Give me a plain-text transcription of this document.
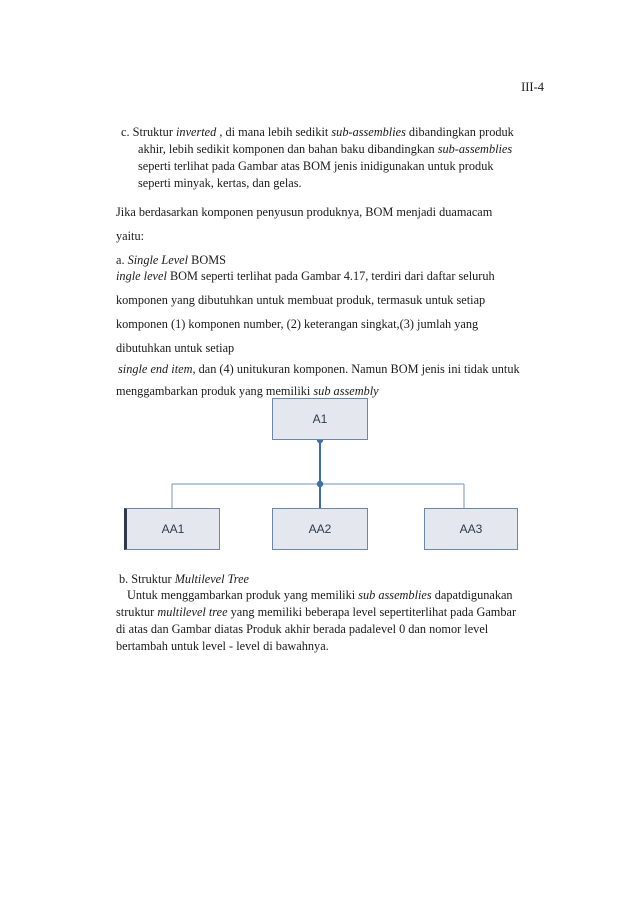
III-4
c. Struktur inverted , di mana lebih sedikit sub-assemblies dibandingkan produk
akhir, lebih sedikit komponen dan bahan baku dibandingkan sub-assemblies
seperti terlihat pada Gambar atas BOM jenis inidigunakan untuk produk
seperti minyak, kertas, dan gelas.
Jika berdasarkan komponen penyusun produknya, BOM menjadi duamacam
yaitu:
a. Single Level BOMS
ingle level BOM seperti terlihat pada Gambar 4.17, terdiri dari daftar seluruh
komponen yang dibutuhkan untuk membuat produk, termasuk untuk setiap
komponen (1) komponen number, (2) keterangan singkat,(3) jumlah yang
dibutuhkan untuk setiap
single end item, dan (4) unitukuran komponen. Namun BOM jenis ini tidak untuk
menggambarkan produk yang memiliki sub assembly
A1
AA1	AA2	AA3
b. Struktur Multilevel Tree
Untuk menggambarkan produk yang memiliki sub assemblies dapatdigunakan
struktur multilevel tree yang memiliki beberapa level sepertiterlihat pada Gambar
di atas dan Gambar diatas Produk akhir berada padalevel 0 dan nomor level
bertambah untuk level - level di bawahnya.
